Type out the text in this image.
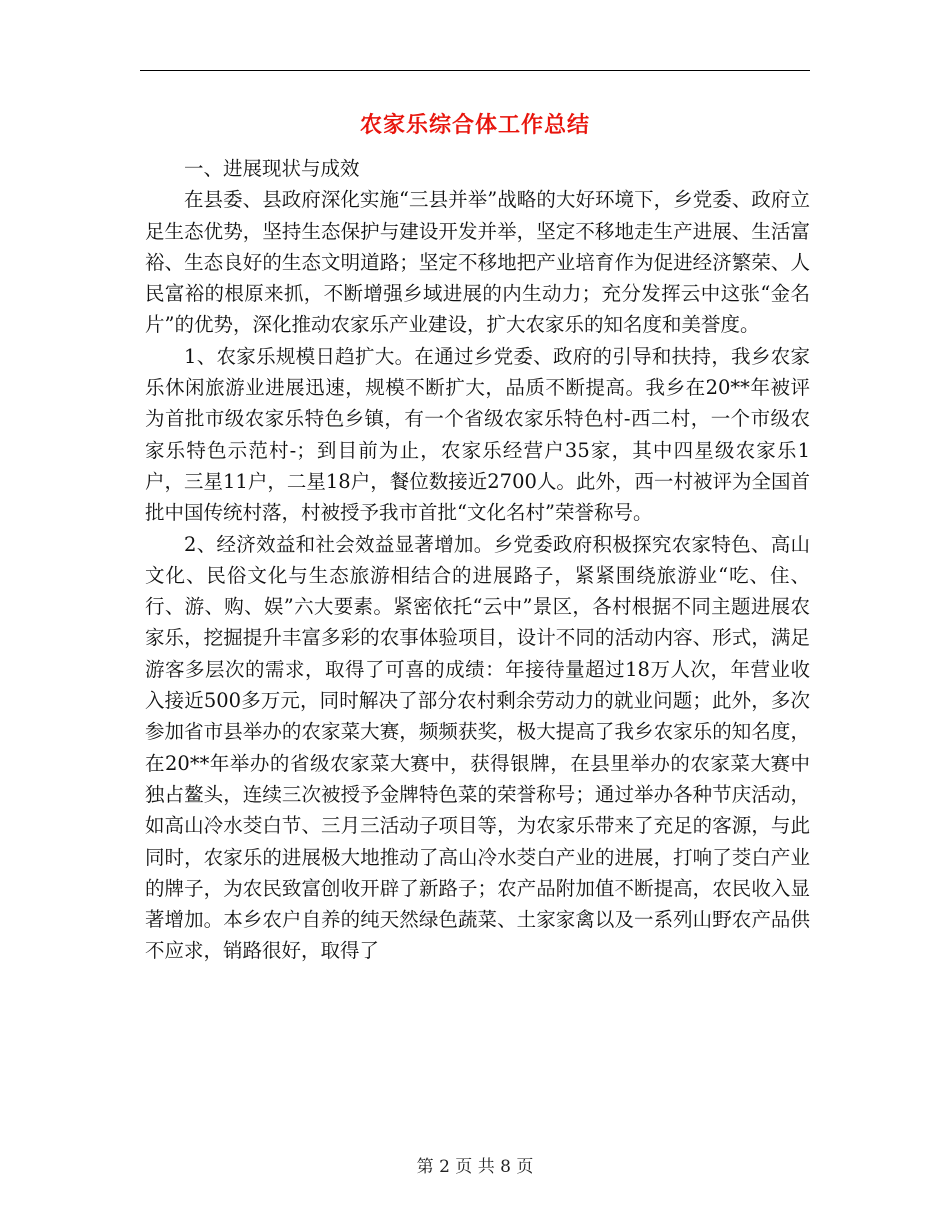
农家乐综合体工作总结

一、进展现状与成效

在县委、县政府深化实施“三县并举”战略的大好环境下，乡党委、政府立足生态优势，坚持生态保护与建设开发并举，坚定不移地走生产进展、生活富裕、生态良好的生态文明道路；坚定不移地把产业培育作为促进经济繁荣、人民富裕的根原来抓，不断增强乡域进展的内生动力；充分发挥云中这张“金名片”的优势，深化推动农家乐产业建设，扩大农家乐的知名度和美誉度。

1、农家乐规模日趋扩大。在通过乡党委、政府的引导和扶持，我乡农家乐休闲旅游业进展迅速，规模不断扩大，品质不断提高。我乡在20**年被评为首批市级农家乐特色乡镇，有一个省级农家乐特色村-西二村，一个市级农家乐特色示范村-；到目前为止，农家乐经营户35家，其中四星级农家乐1户，三星11户，二星18户，餐位数接近2700人。此外，西一村被评为全国首批中国传统村落，村被授予我市首批“文化名村”荣誉称号。

2、经济效益和社会效益显著增加。乡党委政府积极探究农家特色、高山文化、民俗文化与生态旅游相结合的进展路子，紧紧围绕旅游业“吃、住、行、游、购、娱”六大要素。紧密依托“云中”景区，各村根据不同主题进展农家乐，挖掘提升丰富多彩的农事体验项目，设计不同的活动内容、形式，满足游客多层次的需求，取得了可喜的成绩：年接待量超过18万人次，年营业收入接近500多万元，同时解决了部分农村剩余劳动力的就业问题；此外，多次参加省市县举办的农家菜大赛，频频获奖，极大提高了我乡农家乐的知名度，在20**年举办的省级农家菜大赛中，获得银牌，在县里举办的农家菜大赛中独占鳌头，连续三次被授予金牌特色菜的荣誉称号；通过举办各种节庆活动，如高山冷水茭白节、三月三活动子项目等，为农家乐带来了充足的客源，与此同时，农家乐的进展极大地推动了高山冷水茭白产业的进展，打响了茭白产业的牌子，为农民致富创收开辟了新路子；农产品附加值不断提高，农民收入显著增加。本乡农户自养的纯天然绿色蔬菜、土家家禽以及一系列山野农产品供不应求，销路很好，取得了

第 2 页 共 8 页
